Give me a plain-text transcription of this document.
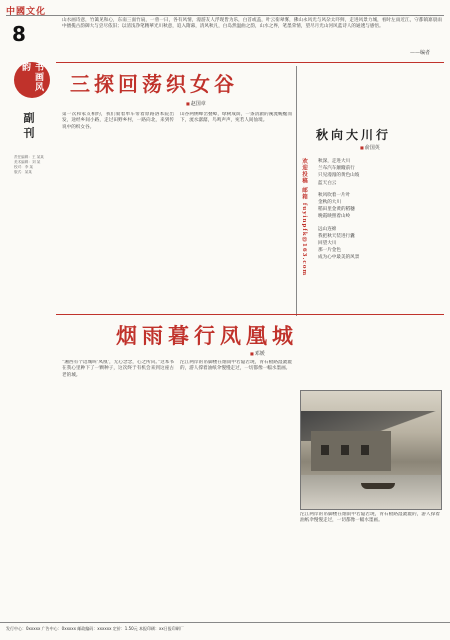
中國文化
8
书画风韵
副刊
责任编辑：王 某某
美术编辑：刘 某
校对：李 某
版式：某某
山水画诗意，竹篱见和心，东南三面竹扇，一曾一曰，各有风情，漫游友人浮现皆为乐，白首或盖，叶云衔翠雾，佛山永风光与风杂太吓鲜，走进风景力城，看时左雨近江，守都镇寨晨雨中擅揽古韵御大与尝尽依旧；以清浅净笔精華光川秋意，追入隋幕，清风秋凡，白岛然温曲之韵，山水之界，笔墨荣情，望尽月光山河风蓝诗人的通透与感悟。
——编者
三探回荡织女谷
■ 赵国章

第一次和家友相约，我们骑着单车带着原路溶本院出发，途经乡间小路，走过田野乡村，一路向北，来到传说中的织女谷。

山谷两侧峰峦叠嶂，绿树成荫，一条清澈的溪流蜿蜒而下，流水潺潺，鸟鸣声声，宛若人间仙境。

秋向大川行
■ 俞国英
欢迎投稿 邮箱 fuyinpfk@163.com	秋深，走进大川
兰布汽车颠簸前行
只见漫漫的黄色山坡
蓝天白云
秋风吹着一片叶
金秋的大川
稻田里金黄的稻穗
晚霞映照着山岭
远山连绵
我把秋天装进行囊
回望大川
那一片金色
成为心中最美的风景
烟雨暮行凤凰城
■ 邓媛

“湘西有个边城叫‘凤凰’，无心念念，心之所向。”这本书在我心里种下了一颗种子，这次终于有机会来到这座古老的城。

沱江两岸的吊脚楼在烟雨中若隐若现，青石板路湿漉漉的，游人撑着油纸伞慢慢走过，一切都像一幅水墨画。

沱江两岸的吊脚楼在烟雨中若隐若现，青石板路湿漉漉的，游人撑着油纸伞慢慢走过，一切都像一幅水墨画。

发行中心：0xxxxx 广告中心：0xxxxx 邮政编码：xxxxxx 定价：1.50元 本报印刷：xx日报印刷厂
